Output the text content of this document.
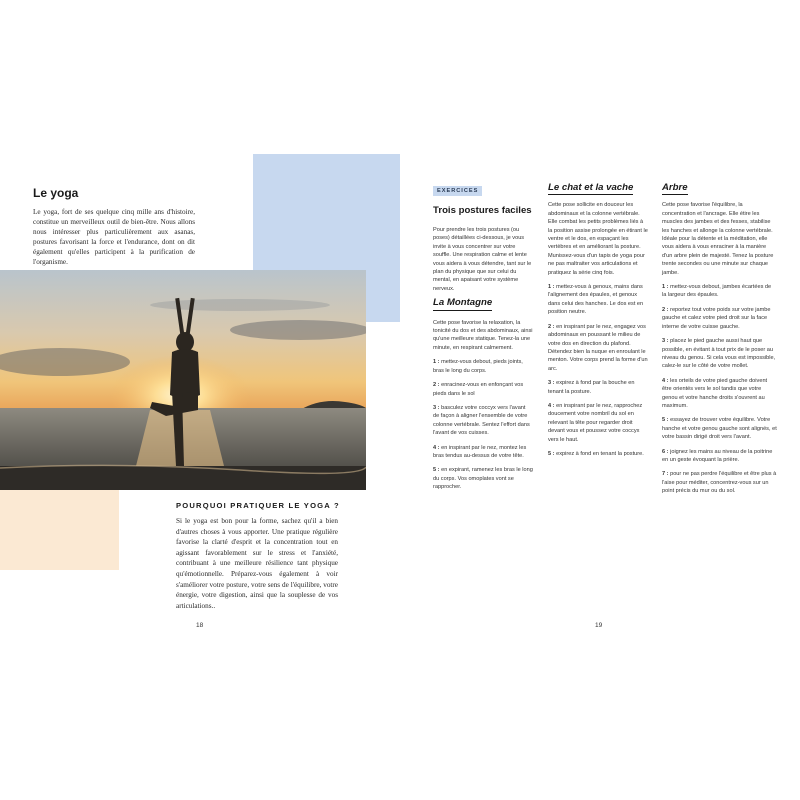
Le yoga

Le yoga, fort de ses quelque cinq mille ans d'histoire, constitue un merveilleux outil de bien-être. Nous allons nous intéresser plus particulièrement aux asanas, postures favorisant la force et l'endurance, dont on dit également qu'elles participent à la purification de l'organisme.

POURQUOI PRATIQUER LE YOGA ?

Si le yoga est bon pour la forme, sachez qu'il a bien d'autres choses à vous apporter. Une pratique régulière favorise la clarté d'esprit et la concentration tout en agissant favorablement sur le stress et l'anxiété, contribuant à une meilleure résilience tant physique qu'émotionnelle. Préparez-vous également à voir s'améliorer votre posture, votre sens de l'équilibre, votre énergie, votre digestion, ainsi que la souplesse de vos articulations..

18
EXERCICES
Trois postures faciles

Pour prendre les trois postures (ou poses) détaillées ci-dessous, je vous invite à vous concentrer sur votre souffle. Une respiration calme et lente vous aidera à vous détendre, tant sur le plan du physique que sur celui du mental, en apaisant votre système nerveux.

La Montagne

Cette pose favorise la relaxation, la tonicité du dos et des abdominaux, ainsi qu'une meilleure statique. Tenez-la une minute, en respirant calmement.

1 : mettez-vous debout, pieds joints, bras le long du corps.

2 : enracinez-vous en enfonçant vos pieds dans le sol

3 : basculez votre coccyx vers l'avant de façon à aligner l'ensemble de votre colonne vertébrale. Sentez l'effort dans l'avant de vos cuisses.

4 : en inspirant par le nez, montez les bras tendus au-dessus de votre tête.

5 : en expirant, ramenez les bras le long du corps. Vos omoplates vont se rapprocher.

Le chat et la vache

Cette pose sollicite en douceur les abdominaux et la colonne vertébrale. Elle combat les petits problèmes liés à la position assise prolongée en étirant le ventre et le dos, en espaçant les vertèbres et en améliorant la posture. Munissez-vous d'un tapis de yoga pour ne pas maltraiter vos articulations et pratiquez la série cinq fois.

1 : mettez-vous à genoux, mains dans l'alignement des épaules, et genoux dans celui des hanches. Le dos est en position neutre.

2 : en inspirant par le nez, engagez vos abdominaux en poussant le milieu de votre dos en direction du plafond. Détendez bien la nuque en enroulant le menton. Votre corps prend la forme d'un arc.

3 : expirez à fond par la bouche en tenant la posture.

4 : en inspirant par le nez, rapprochez doucement votre nombril du sol en relevant la tête pour regarder droit devant vous et poussez votre coccyx vers le haut.

5 : expirez à fond en tenant la posture.

Arbre

Cette pose favorise l'équilibre, la concentration et l'ancrage. Elle étire les muscles des jambes et des fesses, stabilise les hanches et allonge la colonne vertébrale. Idéale pour la détente et la méditation, elle vous aidera à vous enraciner à la manière d'un arbre plein de majesté. Tenez la posture trente secondes ou une minute sur chaque jambe.

1 : mettez-vous debout, jambes écartées de la largeur des épaules.

2 : reportez tout votre poids sur votre jambe gauche et calez votre pied droit sur la face interne de votre cuisse gauche.

3 : placez le pied gauche aussi haut que possible, en évitant à tout prix de le poser au niveau du genou. Si cela vous est impossible, calez-le sur le côté de votre mollet.

4 : les orteils de votre pied gauche doivent être orientés vers le sol tandis que votre genou et votre hanche droits s'ouvrent au maximum.

5 : essayez de trouver votre équilibre. Votre hanche et votre genou gauche sont alignés, et votre bassin dirigé droit vers l'avant.

6 : joignez les mains au niveau de la poitrine en un geste évoquant la prière.

7 : pour ne pas perdre l'équilibre et être plus à l'aise pour méditer, concentrez-vous sur un point précis du mur ou du sol.

19
